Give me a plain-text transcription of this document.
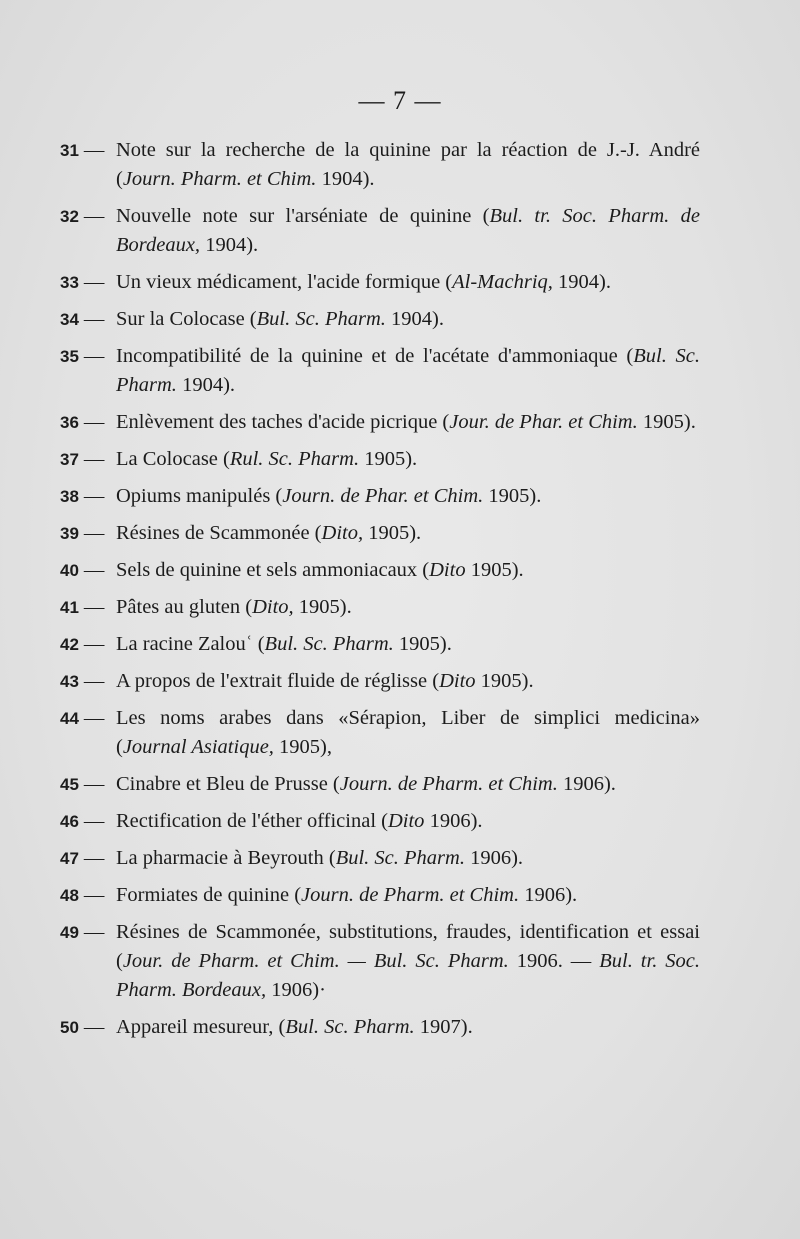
— 7 —
31 — Note sur la recherche de la quinine par la réaction de J.-J. André (Journ. Pharm. et Chim. 1904).
32 — Nouvelle note sur l'arséniate de quinine (Bul. tr. Soc. Pharm. de Bordeaux, 1904).
33 — Un vieux médicament, l'acide formique (Al-Machriq, 1904).
34 — Sur la Colocase (Bul. Sc. Pharm. 1904).
35 — Incompatibilité de la quinine et de l'acétate d'ammoniaque (Bul. Sc. Pharm. 1904).
36 — Enlèvement des taches d'acide picrique (Jour. de Phar. et Chim. 1905).
37 — La Colocase (Rul. Sc. Pharm. 1905).
38 — Opiums manipulés (Journ. de Phar. et Chim. 1905).
39 — Résines de Scammonée (Dito, 1905).
40 — Sels de quinine et sels ammoniacaux (Dito 1905).
41 — Pâtes au gluten (Dito, 1905).
42 — La racine Zalouʿ (Bul. Sc. Pharm. 1905).
43 — A propos de l'extrait fluide de réglisse (Dito 1905).
44 — Les noms arabes dans «Sérapion, Liber de simplici medicina» (Journal Asiatique, 1905),
45 — Cinabre et Bleu de Prusse (Journ. de Pharm. et Chim. 1906).
46 — Rectification de l'éther officinal (Dito 1906).
47 — La pharmacie à Beyrouth (Bul. Sc. Pharm. 1906).
48 — Formiates de quinine (Journ. de Pharm. et Chim. 1906).
49 — Résines de Scammonée, substitutions, fraudes, identification et essai (Jour. de Pharm. et Chim. — Bul. Sc. Pharm. 1906. — Bul. tr. Soc. Pharm. Bordeaux, 1906)·
50 — Appareil mesureur, (Bul. Sc. Pharm. 1907).
